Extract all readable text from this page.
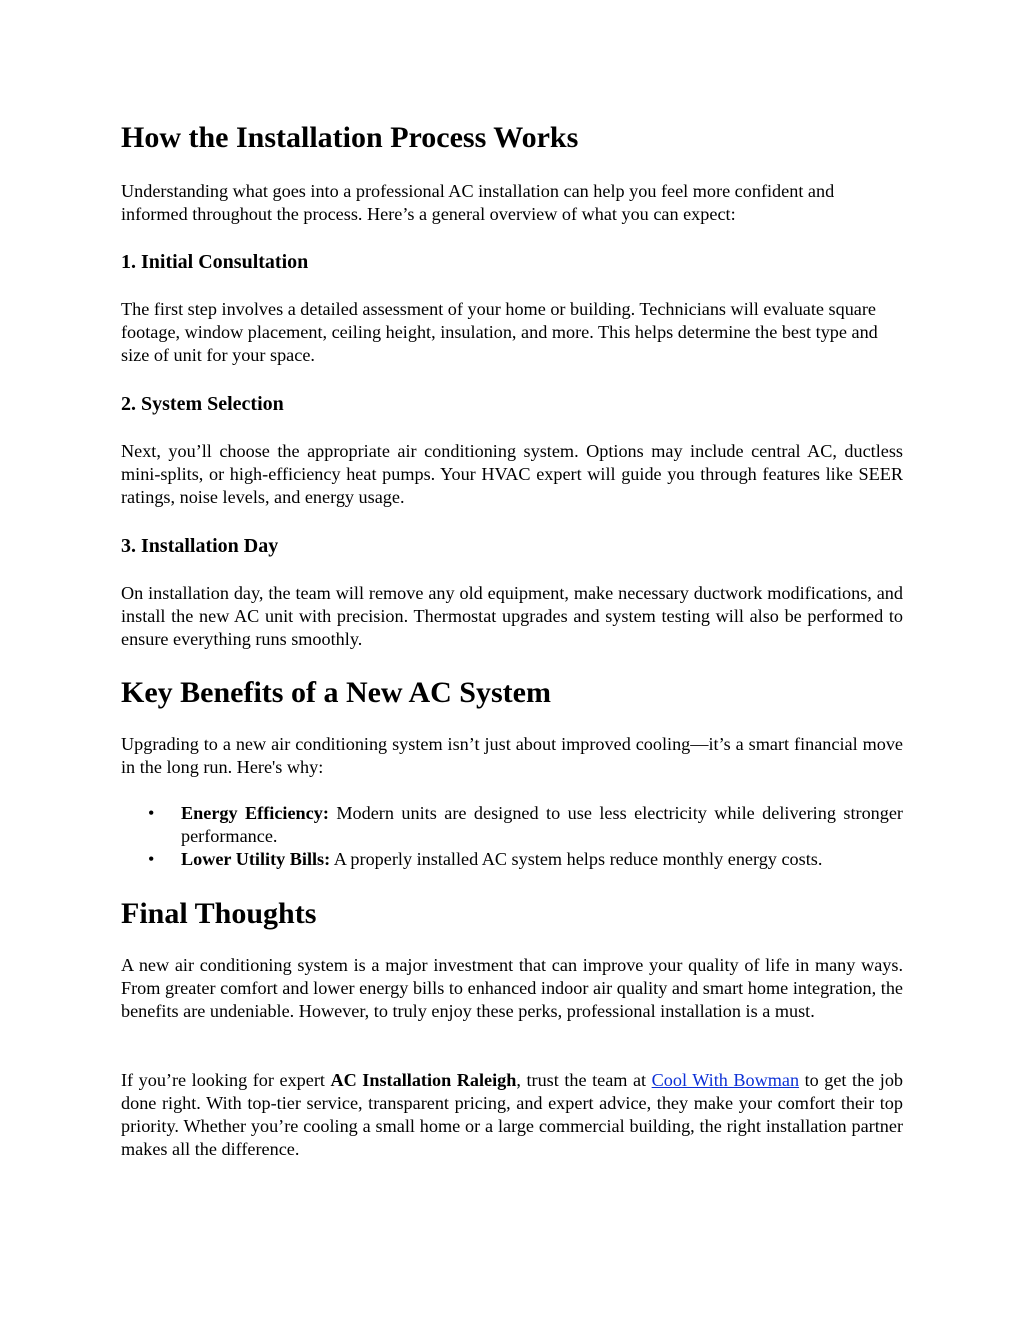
How the Installation Process Works

Understanding what goes into a professional AC installation can help you feel more confident and informed throughout the process. Here’s a general overview of what you can expect:

1. Initial Consultation

The first step involves a detailed assessment of your home or building. Technicians will evaluate square footage, window placement, ceiling height, insulation, and more. This helps determine the best type and size of unit for your space.

2. System Selection

Next, you’ll choose the appropriate air conditioning system. Options may include central AC, ductless mini-splits, or high-efficiency heat pumps. Your HVAC expert will guide you through features like SEER ratings, noise levels, and energy usage.

3. Installation Day

On installation day, the team will remove any old equipment, make necessary ductwork modifications, and install the new AC unit with precision. Thermostat upgrades and system testing will also be performed to ensure everything runs smoothly.

Key Benefits of a New AC System

Upgrading to a new air conditioning system isn’t just about improved cooling—it’s a smart financial move in the long run. Here's why:

• Energy Efficiency: Modern units are designed to use less electricity while delivering stronger performance.
• Lower Utility Bills: A properly installed AC system helps reduce monthly energy costs.
Final Thoughts

A new air conditioning system is a major investment that can improve your quality of life in many ways. From greater comfort and lower energy bills to enhanced indoor air quality and smart home integration, the benefits are undeniable. However, to truly enjoy these perks, professional installation is a must.

If you’re looking for expert AC Installation Raleigh, trust the team at Cool With Bowman to get the job done right. With top-tier service, transparent pricing, and expert advice, they make your comfort their top priority. Whether you’re cooling a small home or a large commercial building, the right installation partner makes all the difference.
